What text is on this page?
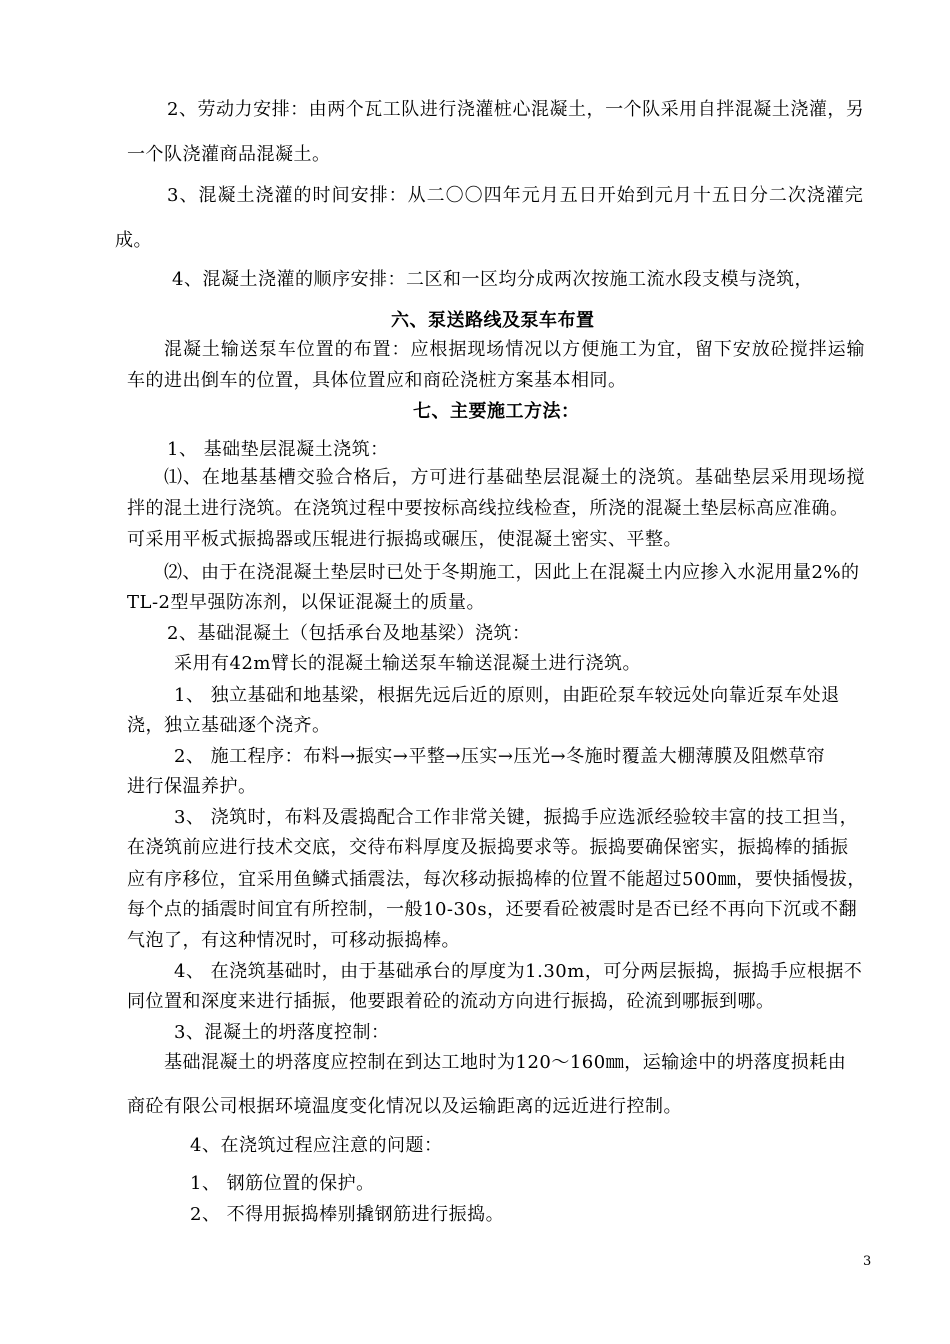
2、劳动力安排：由两个瓦工队进行浇灌桩心混凝土，一个队采用自拌混凝土浇灌，另
一个队浇灌商品混凝土。
3、混凝土浇灌的时间安排：从二〇〇四年元月五日开始到元月十五日分二次浇灌完
成。
4、混凝土浇灌的顺序安排：二区和一区均分成两次按施工流水段支模与浇筑，
六、泵送路线及泵车布置
混凝土输送泵车位置的布置：应根据现场情况以方便施工为宜，留下安放砼搅拌运输
车的进出倒车的位置，具体位置应和商砼浇桩方案基本相同。
七、主要施工方法：
1、 基础垫层混凝土浇筑：
⑴、在地基基槽交验合格后，方可进行基础垫层混凝土的浇筑。基础垫层采用现场搅
拌的混土进行浇筑。在浇筑过程中要按标高线拉线检查，所浇的混凝土垫层标高应准确。
可采用平板式振捣器或压辊进行振捣或碾压，使混凝土密实、平整。
⑵、由于在浇混凝土垫层时已处于冬期施工，因此上在混凝土内应掺入水泥用量2%的
TL-2型早强防冻剂，以保证混凝土的质量。
2、基础混凝土（包括承台及地基梁）浇筑：
采用有42m臂长的混凝土输送泵车输送混凝土进行浇筑。
1、 独立基础和地基梁，根据先远后近的原则，由距砼泵车较远处向靠近泵车处退
浇，独立基础逐个浇齐。
2、 施工程序：布料→振实→平整→压实→压光→冬施时覆盖大棚薄膜及阻燃草帘
进行保温养护。
3、 浇筑时，布料及震捣配合工作非常关键，振捣手应选派经验较丰富的技工担当，
在浇筑前应进行技术交底，交待布料厚度及振捣要求等。振捣要确保密实，振捣棒的插振
应有序移位，宜采用鱼鳞式插震法，每次移动振捣棒的位置不能超过500㎜，要快插慢拔，
每个点的插震时间宜有所控制，一般10-30s，还要看砼被震时是否已经不再向下沉或不翻
气泡了，有这种情况时，可移动振捣棒。
4、 在浇筑基础时，由于基础承台的厚度为1.30m，可分两层振捣，振捣手应根据不
同位置和深度来进行插振，他要跟着砼的流动方向进行振捣，砼流到哪振到哪。
3、混凝土的坍落度控制：
基础混凝土的坍落度应控制在到达工地时为120～160㎜，运输途中的坍落度损耗由
商砼有限公司根据环境温度变化情况以及运输距离的远近进行控制。
4、在浇筑过程应注意的问题：
1、 钢筋位置的保护。
2、 不得用振捣棒别撬钢筋进行振捣。
3
